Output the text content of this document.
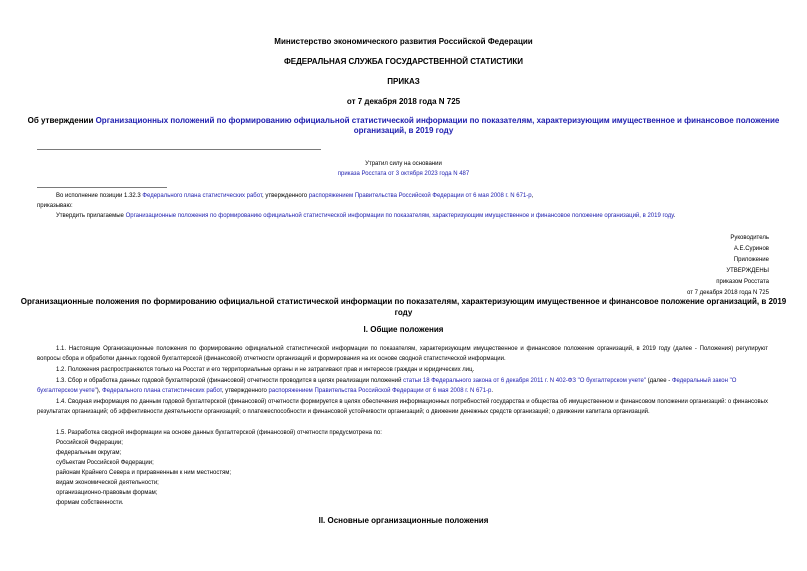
Министерство экономического развития Российской Федерации

ФЕДЕРАЛЬНАЯ СЛУЖБА ГОСУДАРСТВЕННОЙ СТАТИСТИКИ

ПРИКАЗ

от 7 декабря 2018 года N 725

Об утверждении Организационных положений по формированию официальной статистической информации по показателям, характеризующим имущественное и финансовое положение организаций, в 2019 году

Утратил силу на основании
приказа Росстата от 3 октября 2023 года N 487

Во исполнение позиции 1.32.3 Федерального плана статистических работ, утвержденного распоряжением Правительства Российской Федерации от 6 мая 2008 г. N 671-р,

приказываю:

Утвердить прилагаемые Организационные положения по формированию официальной статистической информации по показателям, характеризующим имущественное и финансовое положение организаций, в 2019 году.

Руководитель
А.Е.Суринов
Приложение
УТВЕРЖДЕНЫ
приказом Росстата
от 7 декабря 2018 года N 725

Организационные положения по формированию официальной статистической информации по показателям, характеризующим имущественное и финансовое положение организаций, в 2019 году

I. Общие положения

1.1. Настоящие Организационные положения по формированию официальной статистической информации по показателям, характеризующим имущественное и финансовое положение организаций, в 2019 году (далее - Положения) регулируют вопросы сбора и обработки данных годовой бухгалтерской (финансовой) отчетности организаций и формирования на их основе сводной статистической информации.

1.2. Положения распространяются только на Росстат и его территориальные органы и не затрагивают прав и интересов граждан и юридических лиц.

1.3. Сбор и обработка данных годовой бухгалтерской (финансовой) отчетности проводится в целях реализации положений статьи 18 Федерального закона от 6 декабря 2011 г. N 402-ФЗ "О бухгалтерском учете" (далее - Федеральный закон "О бухгалтерском учете"), Федерального плана статистических работ, утвержденного распоряжением Правительства Российской Федерации от 6 мая 2008 г. N 671-р.

1.4. Сводная информация по данным годовой бухгалтерской (финансовой) отчетности формируется в целях обеспечения информационных потребностей государства и общества об имущественном и финансовом положении организаций: о финансовых результатах организаций; об эффективности деятельности организаций; о платежеспособности и финансовой устойчивости организаций; о движении денежных средств организаций; о движении капитала организаций.

1.5. Разработка сводной информации на основе данных бухгалтерской (финансовой) отчетности предусмотрена по:

Российской Федерации;
федеральным округам;
субъектам Российской Федерации;
районам Крайнего Севера и приравненным к ним местностям;
видам экономической деятельности;
организационно-правовым формам;
формам собственности.

II. Основные организационные положения
